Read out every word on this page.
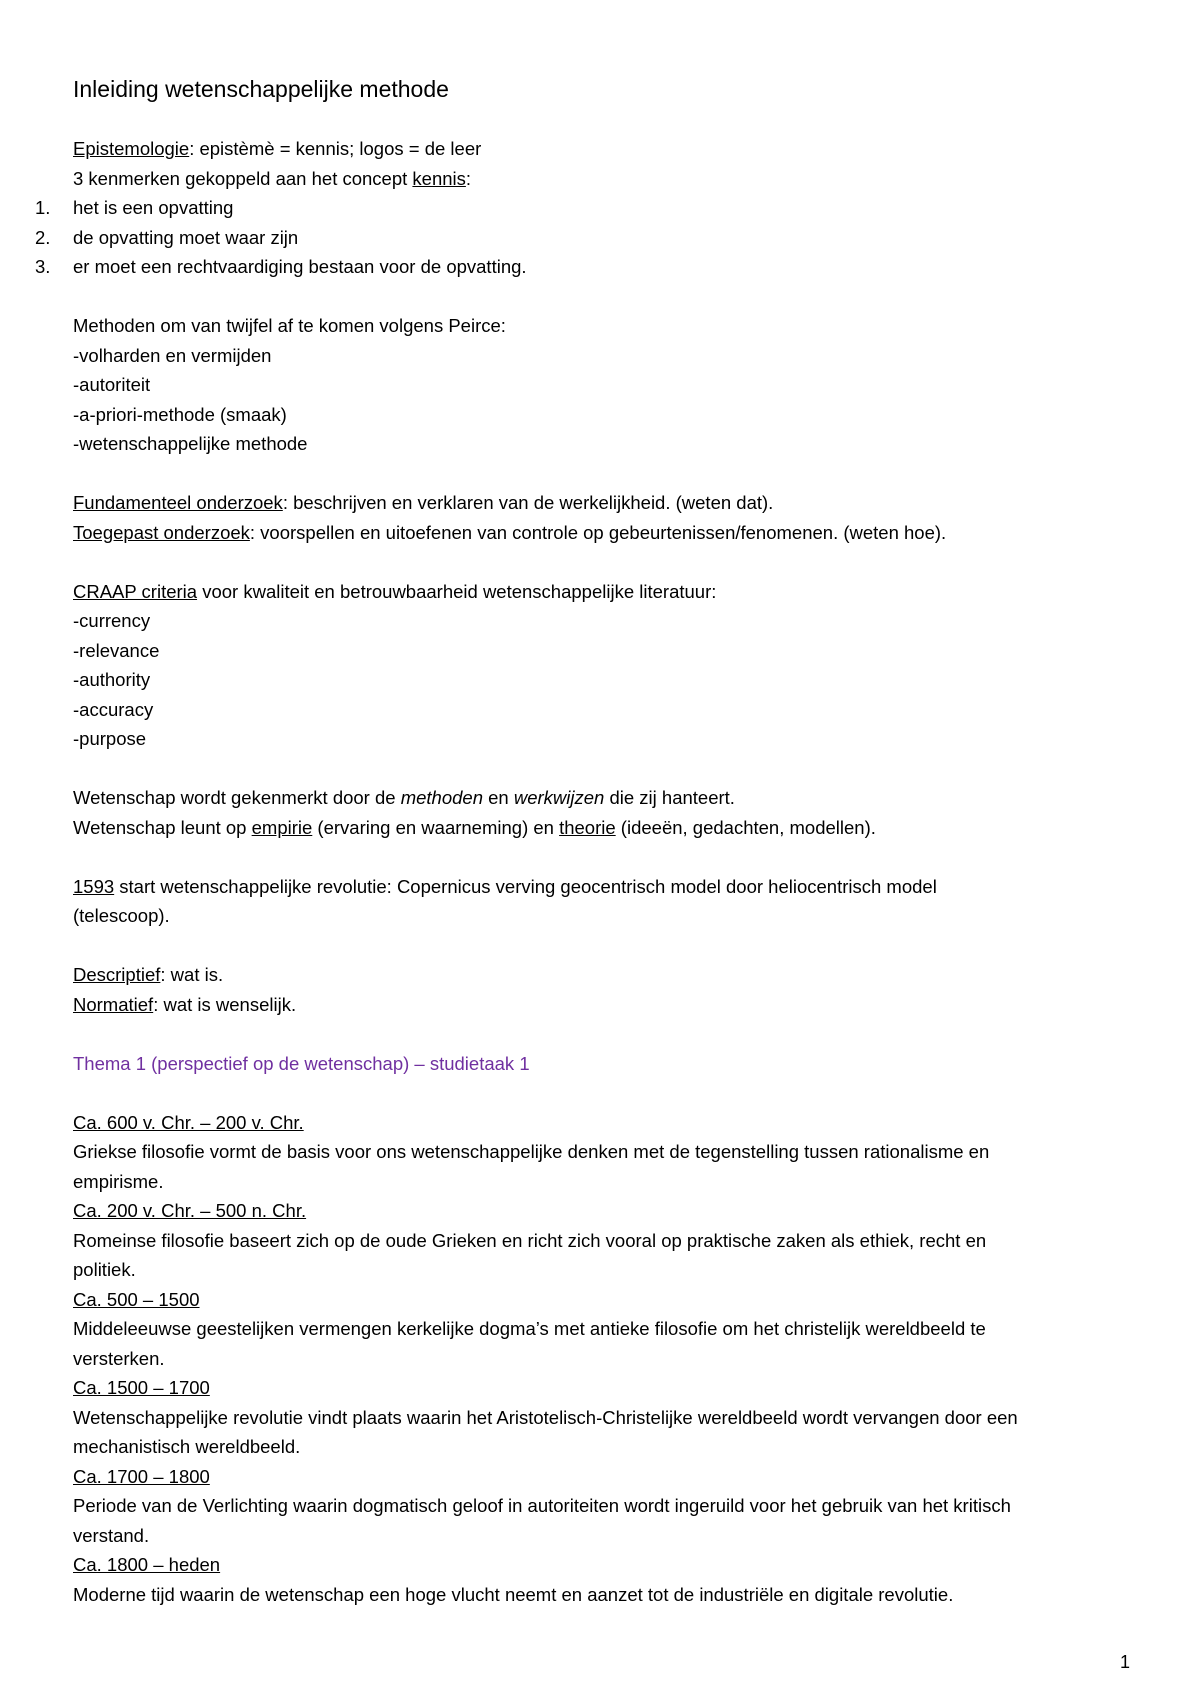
Inleiding wetenschappelijke methode

Epistemologie: epistèmè = kennis; logos = de leer

3 kenmerken gekoppeld aan het concept kennis:

1.	het is een opvatting
2.	de opvatting moet waar zijn
3.	er moet een rechtvaardiging bestaan voor de opvatting.

Methoden om van twijfel af te komen volgens Peirce:

-volharden en vermijden

-autoriteit

-a-priori-methode (smaak)

-wetenschappelijke methode

Fundamenteel onderzoek: beschrijven en verklaren van de werkelijkheid. (weten dat).

Toegepast onderzoek: voorspellen en uitoefenen van controle op gebeurtenissen/fenomenen. (weten hoe).

CRAAP criteria voor kwaliteit en betrouwbaarheid wetenschappelijke literatuur:

-currency

-relevance

-authority

-accuracy

-purpose

Wetenschap wordt gekenmerkt door de methoden en werkwijzen die zij hanteert.

Wetenschap leunt op empirie (ervaring en waarneming) en theorie (ideeën, gedachten, modellen).

1593 start wetenschappelijke revolutie: Copernicus verving geocentrisch model door heliocentrisch model

(telescoop).

Descriptief: wat is.

Normatief: wat is wenselijk.

Thema 1 (perspectief op de wetenschap) – studietaak 1

Ca. 600 v. Chr. – 200 v. Chr.

Griekse filosofie vormt de basis voor ons wetenschappelijke denken met de tegenstelling tussen rationalisme en

empirisme.

Ca. 200 v. Chr. – 500 n. Chr.

Romeinse filosofie baseert zich op de oude Grieken en richt zich vooral op praktische zaken als ethiek, recht en

politiek.

Ca. 500 – 1500

Middeleeuwse geestelijken vermengen kerkelijke dogma’s met antieke filosofie om het christelijk wereldbeeld te

versterken.

Ca. 1500 – 1700

Wetenschappelijke revolutie vindt plaats waarin het Aristotelisch-Christelijke wereldbeeld wordt vervangen door een

mechanistisch wereldbeeld.

Ca. 1700 – 1800

Periode van de Verlichting waarin dogmatisch geloof in autoriteiten wordt ingeruild voor het gebruik van het kritisch

verstand.

Ca. 1800 – heden

Moderne tijd waarin de wetenschap een hoge vlucht neemt en aanzet tot de industriële en digitale revolutie.

1
